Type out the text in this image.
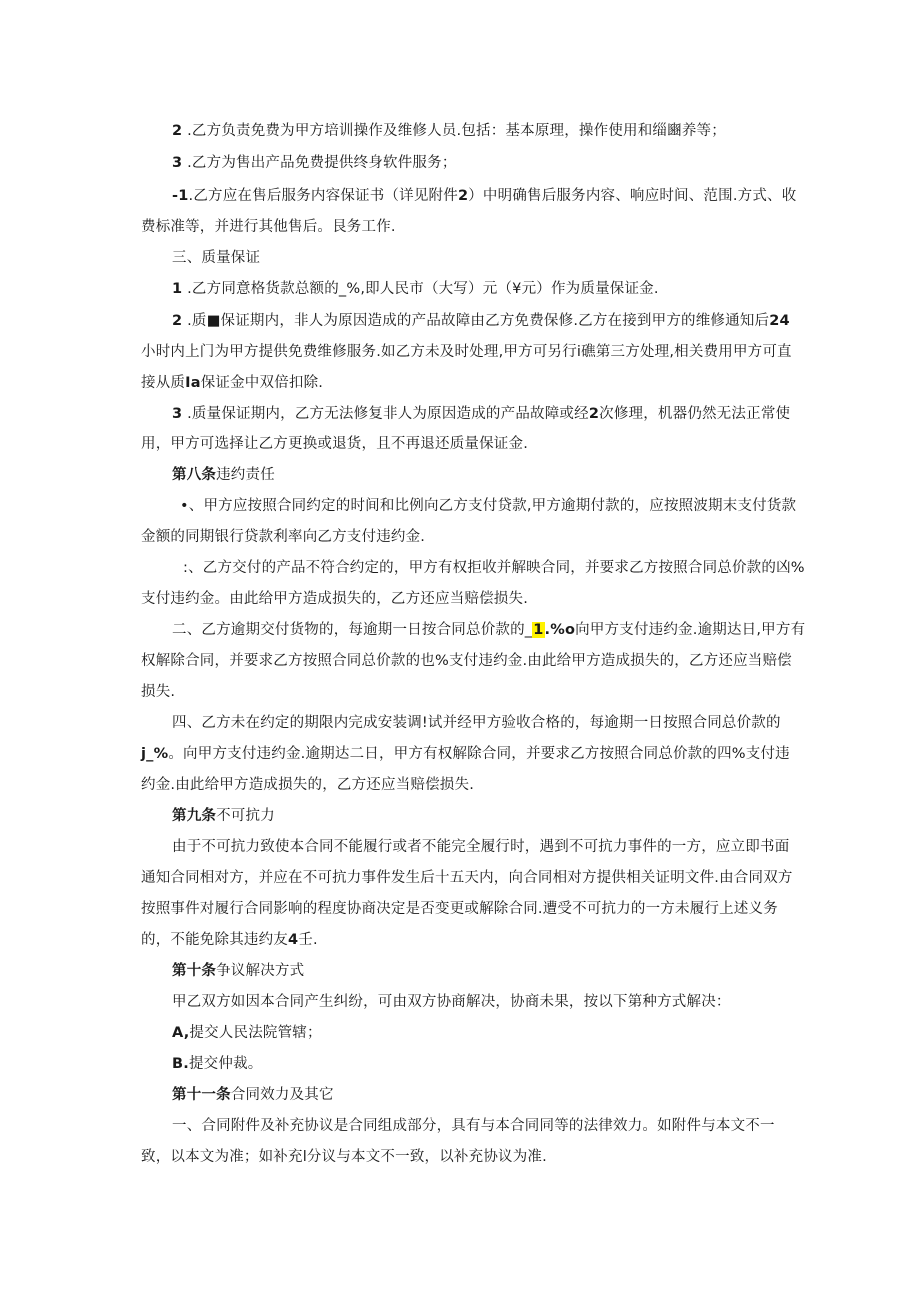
2 .乙方负责免费为甲方培训操作及维修人员.包括：基本原理，操作使用和缁豳养等；
3 .乙方为售出产品免费提供终身软件服务；
-1.乙方应在售后服务内容保证书（详见附件2）中明确售后服务内容、响应时间、范围.方式、收
费标准等，并进行其他售后。艮务工作.
三、质量保证
1 .乙方同意格货款总额的_%,即人民市（大写）元（¥元）作为质量保证金.
2 .质■保证期内，非人为原因造成的产品故障由乙方免费保修.乙方在接到甲方的维修通知后24
小时内上门为甲方提供免费维修服务.如乙方未及时处理,甲方可另行i礁第三方处理,相关费用甲方可直
接从质Ia保证金中双倍扣除.
3 .质量保证期内，乙方无法修复非人为原因造成的产品故障或经2次修理，机器仍然无法正常使
用，甲方可选择让乙方更换或退货，且不再退还质量保证金.
第八条违约责任
•、甲方应按照合同约定的时间和比例向乙方支付贷款,甲方逾期付款的，应按照波期末支付货款
金额的同期银行贷款利率向乙方支付违约金.
:、乙方交付的产品不符合约定的，甲方有权拒收并解映合同，并要求乙方按照合同总价款的凶%
支付违约金。由此给甲方造成损失的，乙方还应当赔偿损失.
二、乙方逾期交付货物的，每逾期一日按合同总价款的_1.%o向甲方支付违约金.逾期达日,甲方有
权解除合同，并要求乙方按照合同总价款的也%支付违约金.由此给甲方造成损失的，乙方还应当赔偿
损失.
四、乙方未在约定的期限内完成安装调!试并经甲方验收合格的，每逾期一日按照合同总价款的
j_%。向甲方支付违约金.逾期达二日，甲方有权解除合同，并要求乙方按照合同总价款的四%支付违
约金.由此给甲方造成损失的，乙方还应当赔偿损失.
第九条不可抗力
由于不可抗力致使本合同不能履行或者不能完全履行时，遇到不可抗力事件的一方，应立即书面
通知合同相对方，并应在不可抗力事件发生后十五天内，向合同相对方提供相关证明文件.由合同双方
按照事件对履行合同影响的程度协商决定是否变更或解除合同.遭受不可抗力的一方未履行上述义务
的，不能免除其违约友4壬.
第十条争议解决方式
甲乙双方如因本合同产生纠纷，可由双方协商解决，协商未果，按以下第种方式解决：
A,提交人民法院管辖；
B.提交仲裁。
第十一条合同效力及其它
一、合同附件及补充协议是合同组成部分，具有与本合同同等的法律效力。如附件与本文不一
致，以本文为准；如补充l分议与本文不一致，以补充协议为准.
